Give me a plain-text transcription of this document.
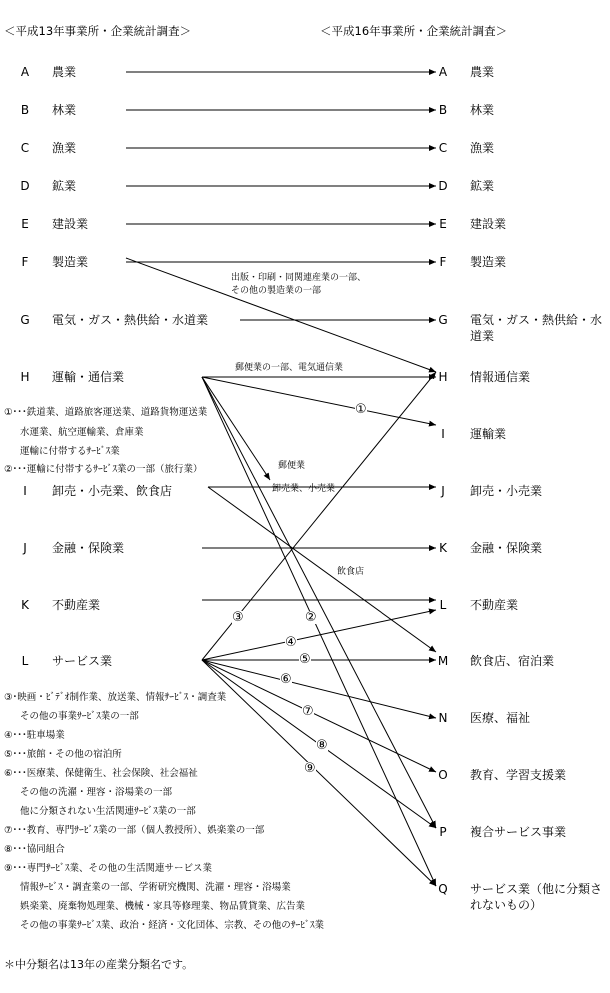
＜平成13年事業所・企業統計調査＞	＜平成16年事業所・企業統計調査＞
A 農業
B 林業
C 漁業
D 鉱業
E 建設業
F 製造業
G 電気・ガス・熱供給・水道業
H 運輸・通信業
I	卸売・小売業、飲食店
J	金融・保険業
K 不動産業
L	サービス業
A 農業
B 林業
C 漁業
D 鉱業
E 建設業
F 製造業
G 電気・ガス・熱供給・水道業
H 情報通信業
I	運輸業
J	卸売・小売業
K 金融・保険業
L	不動産業
M 飲食店、宿泊業
N 医療、福祉
O 教育、学習支援業
P 複合サービス事業
Q サービス業（他に分類されないもの）
出版・印刷・同関連産業の一部、
その他の製造業の一部
郵便業の一部、電気通信業
郵便業
卸売業、小売業
飲食店
①･･･鉄道業、道路旅客運送業、道路貨物運送業
水運業、航空運輸業、倉庫業
運輸に付帯するｻｰﾋﾞｽ業
②･･･運輸に付帯するｻｰﾋﾞｽ業の一部（旅行業）
③･映画・ﾋﾞﾃﾞｵ制作業、放送業、情報ｻｰﾋﾞｽ・調査業
その他の事業ｻｰﾋﾞｽ業の一部
④･･･駐車場業
⑤･･･旅館・その他の宿泊所
⑥･･･医療業、保健衛生、社会保険、社会福祉
その他の洗濯・理容・浴場業の一部
他に分類されない生活関連ｻｰﾋﾞｽ業の一部
⑦･･･教育、専門ｻｰﾋﾞｽ業の一部（個人教授所）、娯楽業の一部
⑧･･･協同組合
⑨･･･専門ｻｰﾋﾞｽ業、その他の生活関連サービス業
情報ｻｰﾋﾞｽ・調査業の一部、学術研究機関、洗濯・理容・浴場業
娯楽業、廃棄物処理業、機械・家具等修理業、物品賃貸業、広告業
その他の事業ｻｰﾋﾞｽ業、政治・経済・文化団体、宗教、その他のｻｰﾋﾞｽ業
＊中分類名は13年の産業分類名です。
①
②
③
④
⑤
⑥
⑦
⑧
⑨
